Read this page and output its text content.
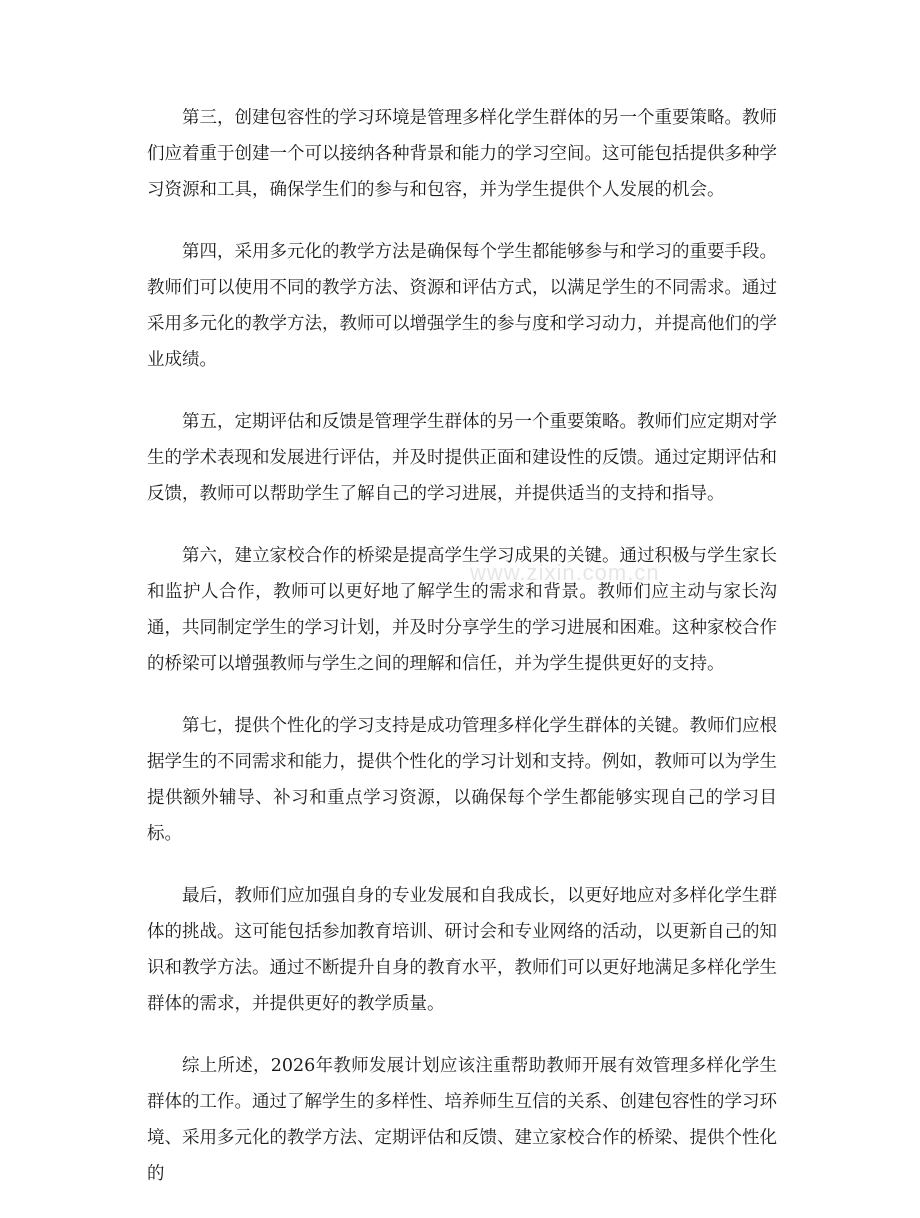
第三，创建包容性的学习环境是管理多样化学生群体的另一个重要策略。教师们应着重于创建一个可以接纳各种背景和能力的学习空间。这可能包括提供多种学习资源和工具，确保学生们的参与和包容，并为学生提供个人发展的机会。

第四，采用多元化的教学方法是确保每个学生都能够参与和学习的重要手段。教师们可以使用不同的教学方法、资源和评估方式，以满足学生的不同需求。通过采用多元化的教学方法，教师可以增强学生的参与度和学习动力，并提高他们的学业成绩。

第五，定期评估和反馈是管理学生群体的另一个重要策略。教师们应定期对学生的学术表现和发展进行评估，并及时提供正面和建设性的反馈。通过定期评估和反馈，教师可以帮助学生了解自己的学习进展，并提供适当的支持和指导。

第六，建立家校合作的桥梁是提高学生学习成果的关键。通过积极与学生家长和监护人合作，教师可以更好地了解学生的需求和背景。教师们应主动与家长沟通，共同制定学生的学习计划，并及时分享学生的学习进展和困难。这种家校合作的桥梁可以增强教师与学生之间的理解和信任，并为学生提供更好的支持。

第七，提供个性化的学习支持是成功管理多样化学生群体的关键。教师们应根据学生的不同需求和能力，提供个性化的学习计划和支持。例如，教师可以为学生提供额外辅导、补习和重点学习资源，以确保每个学生都能够实现自己的学习目标。

最后，教师们应加强自身的专业发展和自我成长，以更好地应对多样化学生群体的挑战。这可能包括参加教育培训、研讨会和专业网络的活动，以更新自己的知识和教学方法。通过不断提升自身的教育水平，教师们可以更好地满足多样化学生群体的需求，并提供更好的教学质量。

综上所述，2026年教师发展计划应该注重帮助教师开展有效管理多样化学生群体的工作。通过了解学生的多样性、培养师生互信的关系、创建包容性的学习环境、采用多元化的教学方法、定期评估和反馈、建立家校合作的桥梁、提供个性化的

www.zixin.com.cn
